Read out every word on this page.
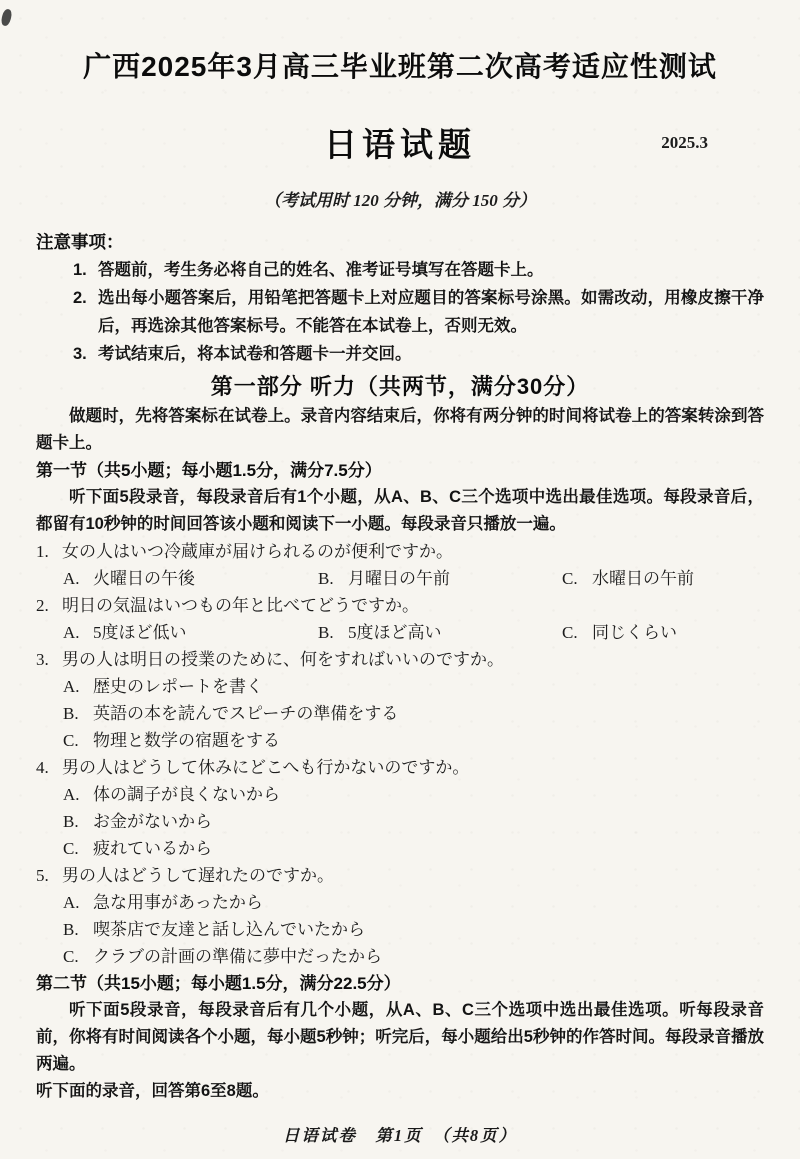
广西2025年3月高三毕业班第二次高考适应性测试
日语试题	2025.3
（考试用时 120 分钟，满分 150 分）
注意事项：
1. 答题前，考生务必将自己的姓名、准考证号填写在答题卡上。
2. 选出每小题答案后，用铅笔把答题卡上对应题目的答案标号涂黑。如需改动，用橡皮擦干净后，再选涂其他答案标号。不能答在本试卷上，否则无效。
3. 考试结束后，将本试卷和答题卡一并交回。
第一部分 听力（共两节，满分30分）

做题时，先将答案标在试卷上。录音内容结束后，你将有两分钟的时间将试卷上的答案转涂到答题卡上。

第一节（共5小题；每小题1.5分，满分7.5分）

听下面5段录音，每段录音后有1个小题，从A、B、C三个选项中选出最佳选项。每段录音后，都留有10秒钟的时间回答该小题和阅读下一小题。每段录音只播放一遍。

1. 女の人はいつ冷蔵庫が届けられるのが便利ですか。
A. 火曜日の午後	B. 月曜日の午前	C. 水曜日の午前
2. 明日の気温はいつもの年と比べてどうですか。
A. 5度ほど低い	B. 5度ほど高い	C. 同じくらい
3. 男の人は明日の授業のために、何をすればいいのですか。
A. 歴史のレポートを書く
B. 英語の本を読んでスピーチの準備をする
C. 物理と数学の宿題をする
4. 男の人はどうして休みにどこへも行かないのですか。
A. 体の調子が良くないから
B. お金がないから
C. 疲れているから
5. 男の人はどうして遅れたのですか。
A. 急な用事があったから
B. 喫茶店で友達と話し込んでいたから
C. クラブの計画の準備に夢中だったから
第二节（共15小题；每小题1.5分，满分22.5分）

听下面5段录音，每段录音后有几个小题，从A、B、C三个选项中选出最佳选项。听每段录音前，你将有时间阅读各个小题，每小题5秒钟；听完后，每小题给出5秒钟的作答时间。每段录音播放两遍。

听下面的录音，回答第6至8题。
日语试卷　第1页　（共8页）
